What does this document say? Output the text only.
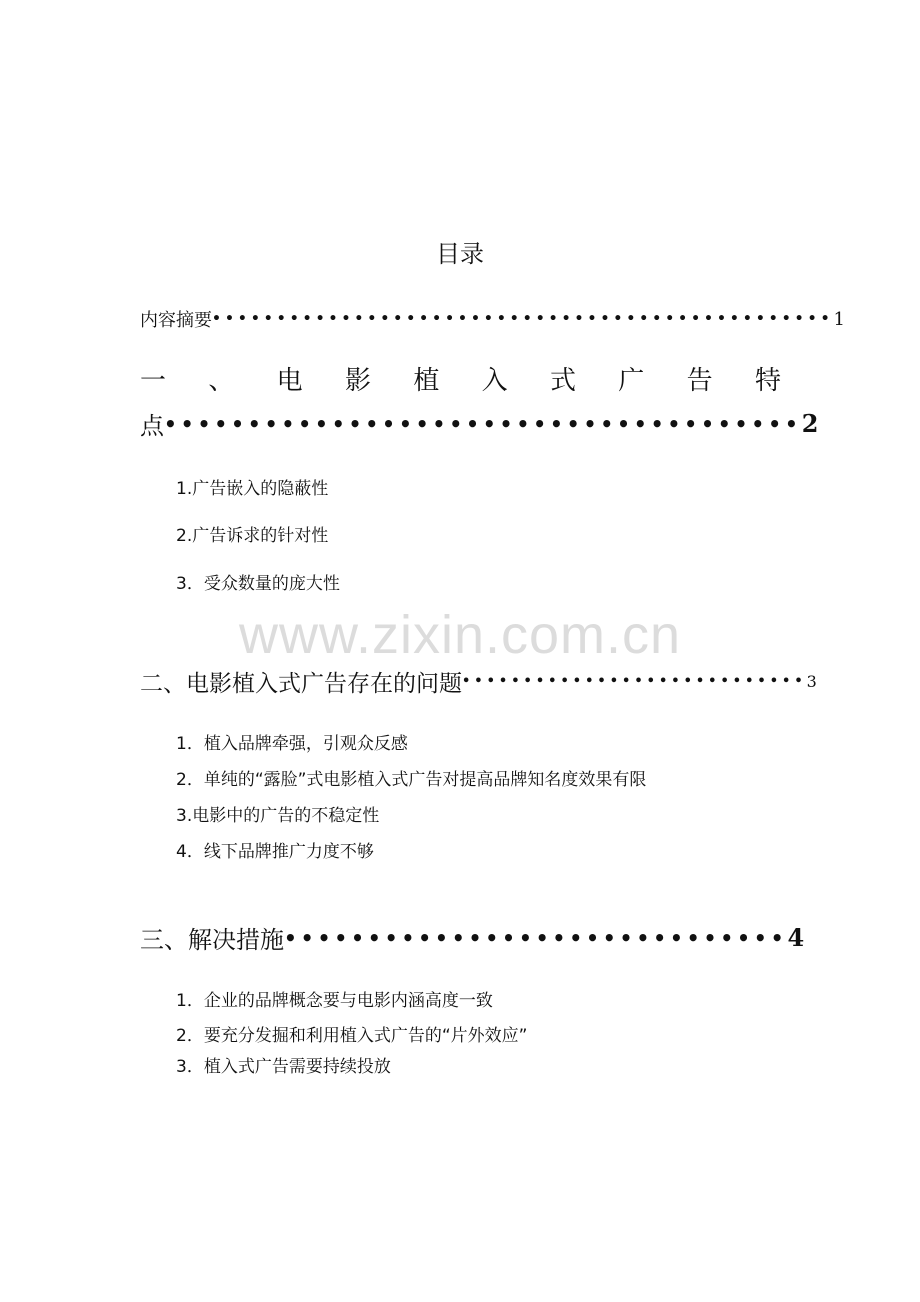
www.zixin.com.cn
目录
内容摘要 •••••••••••••••••••••••••••••••••••••••••••••••• 1
一 、 电 影 植 入 式 广 告 特
点 •••••••••••••••••••••••••••••••••••••• 2
1.广告嵌入的隐蔽性
2.广告诉求的针对性
3．受众数量的庞大性
二、电影植入式广告存在的问题 •••••••••••••••••••••••••••• 3
1．植入品牌牵强，引观众反感
2．单纯的“露脸”式电影植入式广告对提高品牌知名度效果有限
3.电影中的广告的不稳定性
4．线下品牌推广力度不够
三、解决措施 •••••••••••••••••••••••••••••• 4
1．企业的品牌概念要与电影内涵高度一致
2．要充分发掘和利用植入式广告的“片外效应”
3．植入式广告需要持续投放
